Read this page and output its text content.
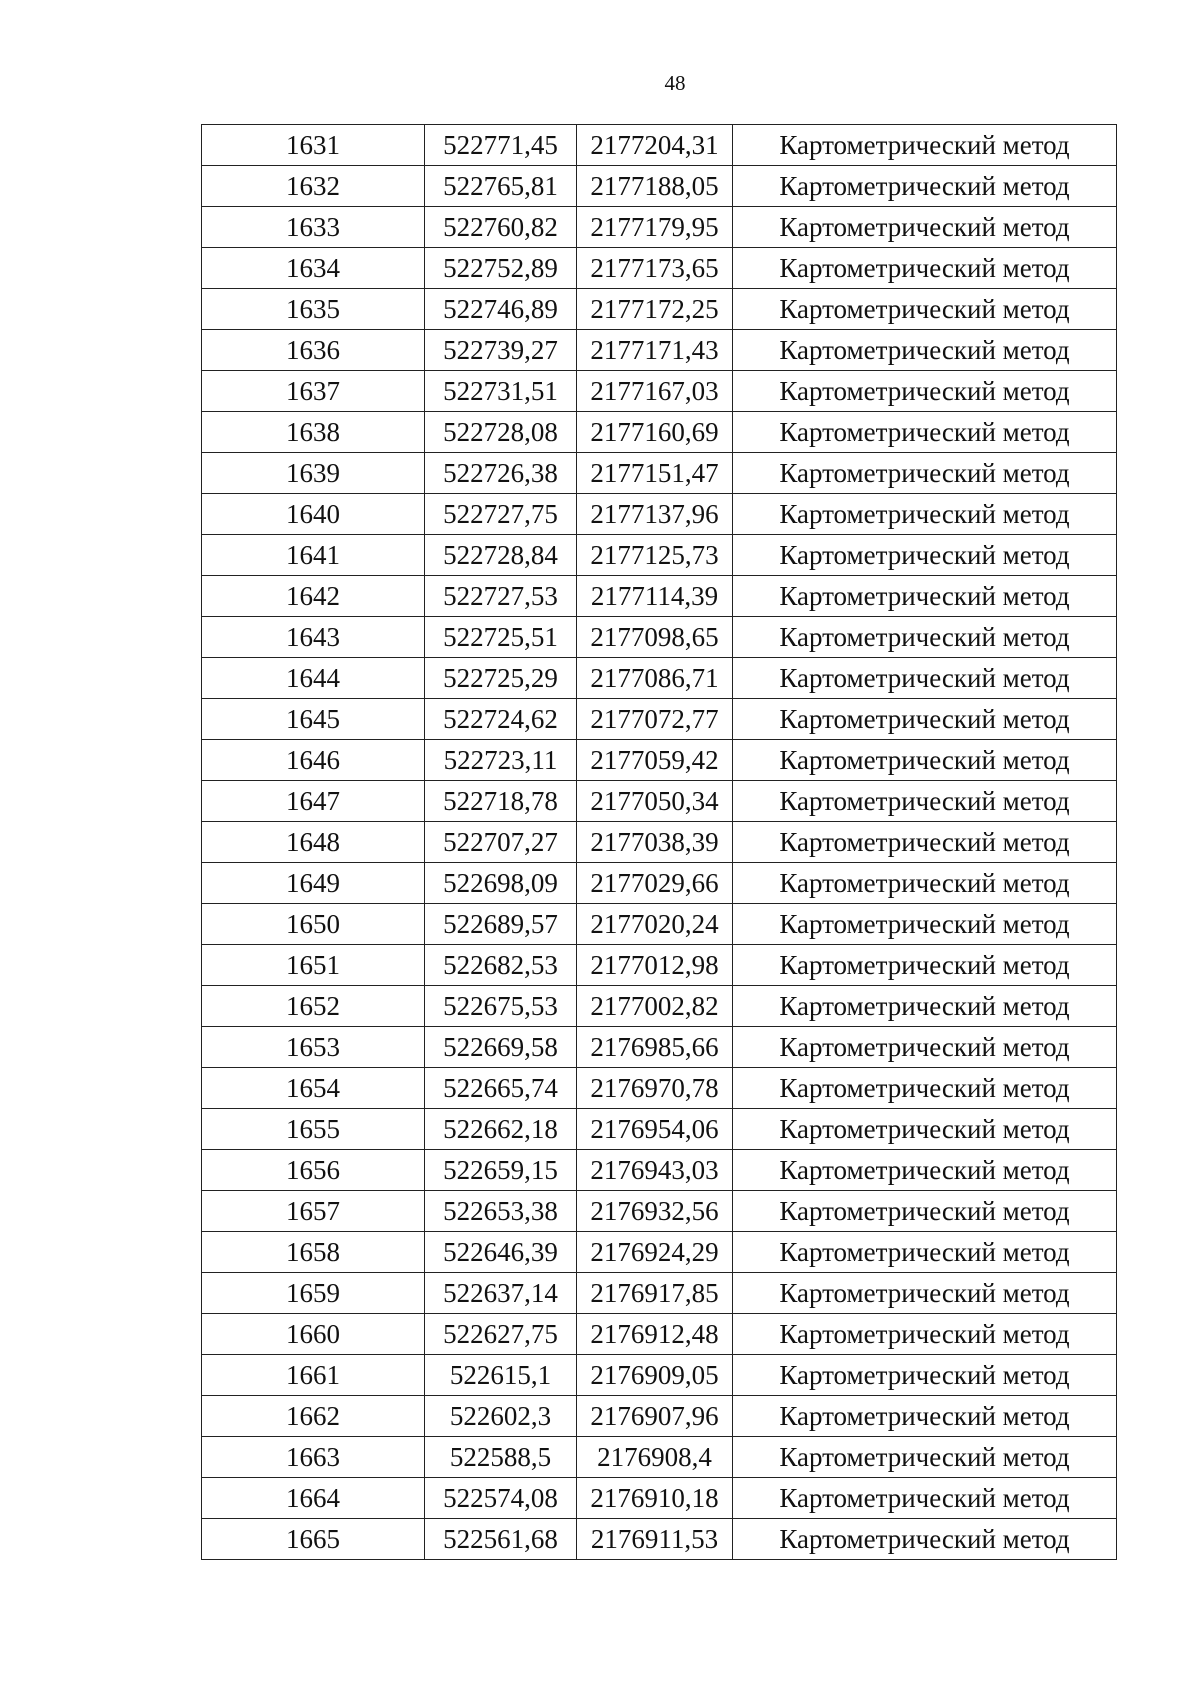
48
1631	522771,45	2177204,31	Картометрический метод
1632	522765,81	2177188,05	Картометрический метод
1633	522760,82	2177179,95	Картометрический метод
1634	522752,89	2177173,65	Картометрический метод
1635	522746,89	2177172,25	Картометрический метод
1636	522739,27	2177171,43	Картометрический метод
1637	522731,51	2177167,03	Картометрический метод
1638	522728,08	2177160,69	Картометрический метод
1639	522726,38	2177151,47	Картометрический метод
1640	522727,75	2177137,96	Картометрический метод
1641	522728,84	2177125,73	Картометрический метод
1642	522727,53	2177114,39	Картометрический метод
1643	522725,51	2177098,65	Картометрический метод
1644	522725,29	2177086,71	Картометрический метод
1645	522724,62	2177072,77	Картометрический метод
1646	522723,11	2177059,42	Картометрический метод
1647	522718,78	2177050,34	Картометрический метод
1648	522707,27	2177038,39	Картометрический метод
1649	522698,09	2177029,66	Картометрический метод
1650	522689,57	2177020,24	Картометрический метод
1651	522682,53	2177012,98	Картометрический метод
1652	522675,53	2177002,82	Картометрический метод
1653	522669,58	2176985,66	Картометрический метод
1654	522665,74	2176970,78	Картометрический метод
1655	522662,18	2176954,06	Картометрический метод
1656	522659,15	2176943,03	Картометрический метод
1657	522653,38	2176932,56	Картометрический метод
1658	522646,39	2176924,29	Картометрический метод
1659	522637,14	2176917,85	Картометрический метод
1660	522627,75	2176912,48	Картометрический метод
1661	522615,1	2176909,05	Картометрический метод
1662	522602,3	2176907,96	Картометрический метод
1663	522588,5	2176908,4	Картометрический метод
1664	522574,08	2176910,18	Картометрический метод
1665	522561,68	2176911,53	Картометрический метод
